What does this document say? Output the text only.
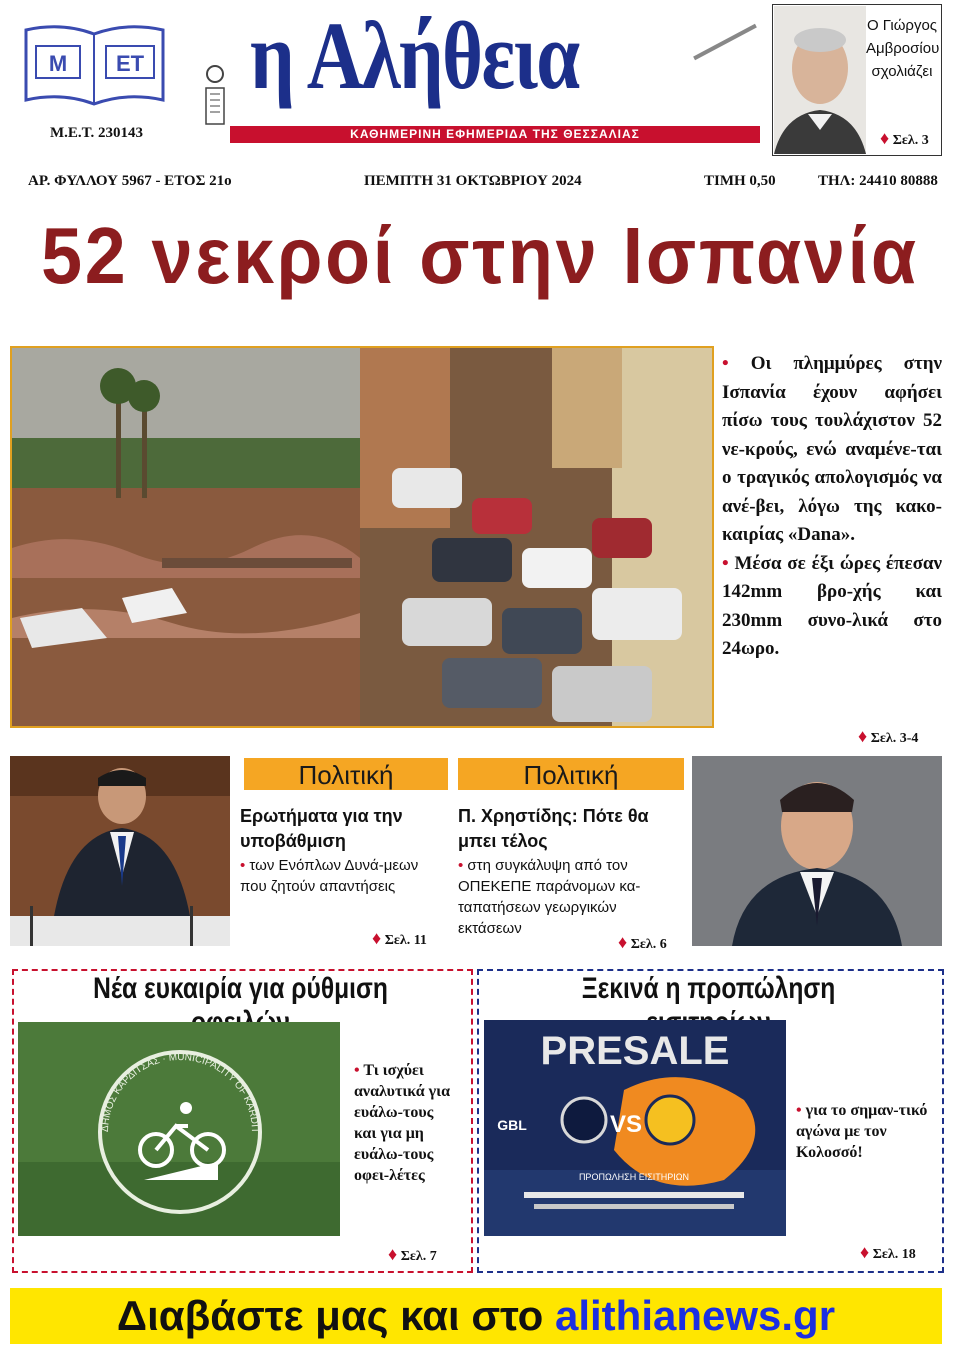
Μ ΕΤ
Μ.Ε.Τ. 230143
η Αλήθεια
ΚΑΘΗΜΕΡΙΝΗ ΕΦΗΜΕΡΙΔΑ ΤΗΣ ΘΕΣΣΑΛΙΑΣ
Ο Γιώργος
Αμβροσίου
σχολιάζει
♦ Σελ. 3
ΑΡ. ΦΥΛΛΟΥ 5967 - ΕΤΟΣ 21ο	ΠΕΜΠΤΗ 31 ΟΚΤΩΒΡΙΟΥ 2024	ΤΙΜΗ 0,50	ΤΗΛ: 24410 80888
52 νεκροί στην Ισπανία
• Οι πλημμύρες στην Ισπανία έχουν αφήσει πίσω τους τουλάχιστον 52 νε-κρούς, ενώ αναμένε-ται ο τραγικός απολογισμός να ανέ-βει, λόγω της κακο-καιρίας «Dana».
• Μέσα σε έξι ώρες έπεσαν 142mm βρο-χής και 230mm συνο-λικά στο 24ωρο.
♦ Σελ. 3-4
Πολιτική
Ερωτήματα για την υποβάθμιση
• των Ενόπλων Δυνά-μεων που ζητούν απαντήσεις
♦ Σελ. 11
Πολιτική
Π. Χρηστίδης: Πότε θα μπει τέλος
• στη συγκάλυψη από τον ΟΠΕΚΕΠΕ παράνομων κα-ταπατήσεων γεωργικών εκτάσεων
♦ Σελ. 6
Νέα ευκαιρία για ρύθμιση
ΔΗΜΟΣ ΚΑΡΔΙΤΣΑΣ · MUNICIPALITY OF KARDIT
• Τι ισχύει αναλυτικά για ευάλω-τους και για μη ευάλω-τους οφει-λέτες
♦ Σελ. 7
Ξεκινά η προπώληση
PRESALE
VS
GBL
ΠΡΟΠΩΛΗΣΗ ΕΙΣΙΤΗΡΙΩΝ
• για το σημαν-τικό αγώνα με τον Κολοσσό!
♦ Σελ. 18
Διαβάστε μας και στο alithianews.gr
